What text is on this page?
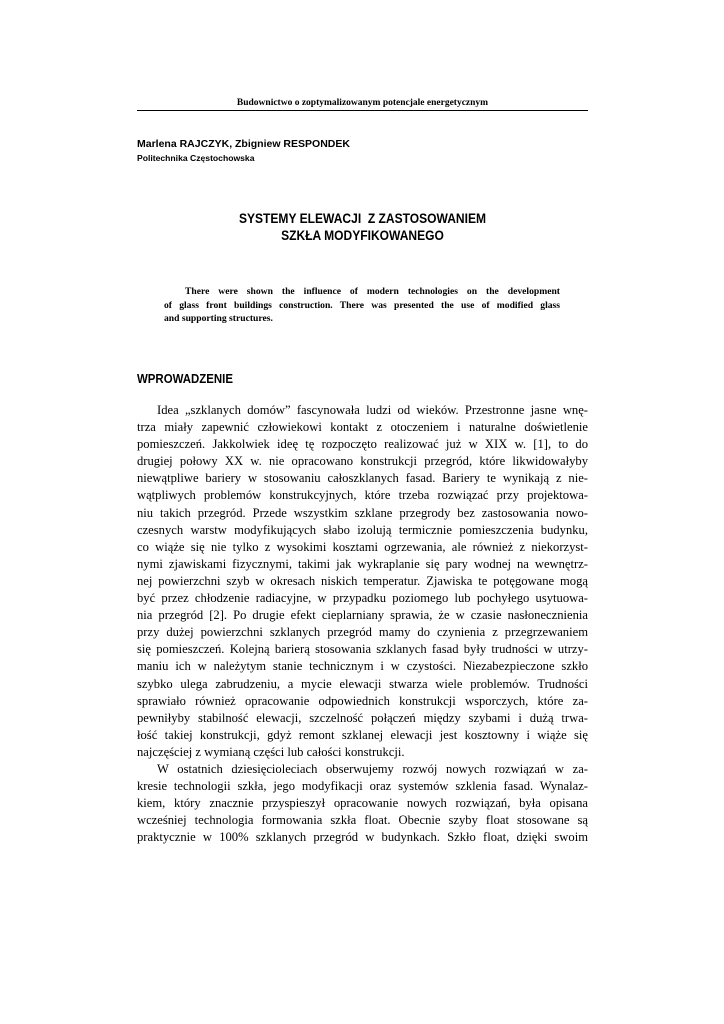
Budownictwo o zoptymalizowanym potencjale energetycznym
Marlena RAJCZYK, Zbigniew RESPONDEK
Politechnika Częstochowska
SYSTEMY ELEWACJI  Z ZASTOSOWANIEM
SZKŁA MODYFIKOWANEGO
There were shown the influence of modern technologies on the development
of glass front buildings construction. There was presented the use of modified glass
and supporting structures.
WPROWADZENIE
Idea „szklanych domów” fascynowała ludzi od wieków. Przestronne jasne wnę-
trza miały zapewnić człowiekowi kontakt z otoczeniem i naturalne doświetlenie
pomieszczeń. Jakkolwiek ideę tę rozpoczęto realizować już w XIX w. [1], to do
drugiej połowy XX w. nie opracowano konstrukcji przegród, które likwidowałyby
niewątpliwe bariery w stosowaniu całoszklanych fasad. Bariery te wynikają z nie-
wątpliwych problemów konstrukcyjnych, które trzeba rozwiązać przy projektowa-
niu takich przegród. Przede wszystkim szklane przegrody bez zastosowania nowo-
czesnych warstw modyfikujących słabo izolują termicznie pomieszczenia budynku,
co wiąże się nie tylko z wysokimi kosztami ogrzewania, ale również z niekorzyst-
nymi zjawiskami fizycznymi, takimi jak wykraplanie się pary wodnej na wewnętrz-
nej powierzchni szyb w okresach niskich temperatur. Zjawiska te potęgowane mogą
być przez chłodzenie radiacyjne, w przypadku poziomego lub pochyłego usytuowa-
nia przegród [2]. Po drugie efekt cieplarniany sprawia, że w czasie nasłonecznienia
przy dużej powierzchni szklanych przegród mamy do czynienia z przegrzewaniem
się pomieszczeń. Kolejną barierą stosowania szklanych fasad były trudności w utrzy-
maniu ich w należytym stanie technicznym i w czystości. Niezabezpieczone szkło
szybko ulega zabrudzeniu, a mycie elewacji stwarza wiele problemów. Trudności
sprawiało również opracowanie odpowiednich konstrukcji wsporczych, które za-
pewniłyby stabilność elewacji, szczelność połączeń między szybami i dużą trwa-
łość takiej konstrukcji, gdyż remont szklanej elewacji jest kosztowny i wiąże się
najczęściej z wymianą części lub całości konstrukcji.
W ostatnich dziesięcioleciach obserwujemy rozwój nowych rozwiązań w za-
kresie technologii szkła, jego modyfikacji oraz systemów szklenia fasad. Wynalaz-
kiem, który znacznie przyspieszył opracowanie nowych rozwiązań, była opisana
wcześniej technologia formowania szkła float. Obecnie szyby float stosowane są
praktycznie w 100% szklanych przegród w budynkach. Szkło float, dzięki swoim
